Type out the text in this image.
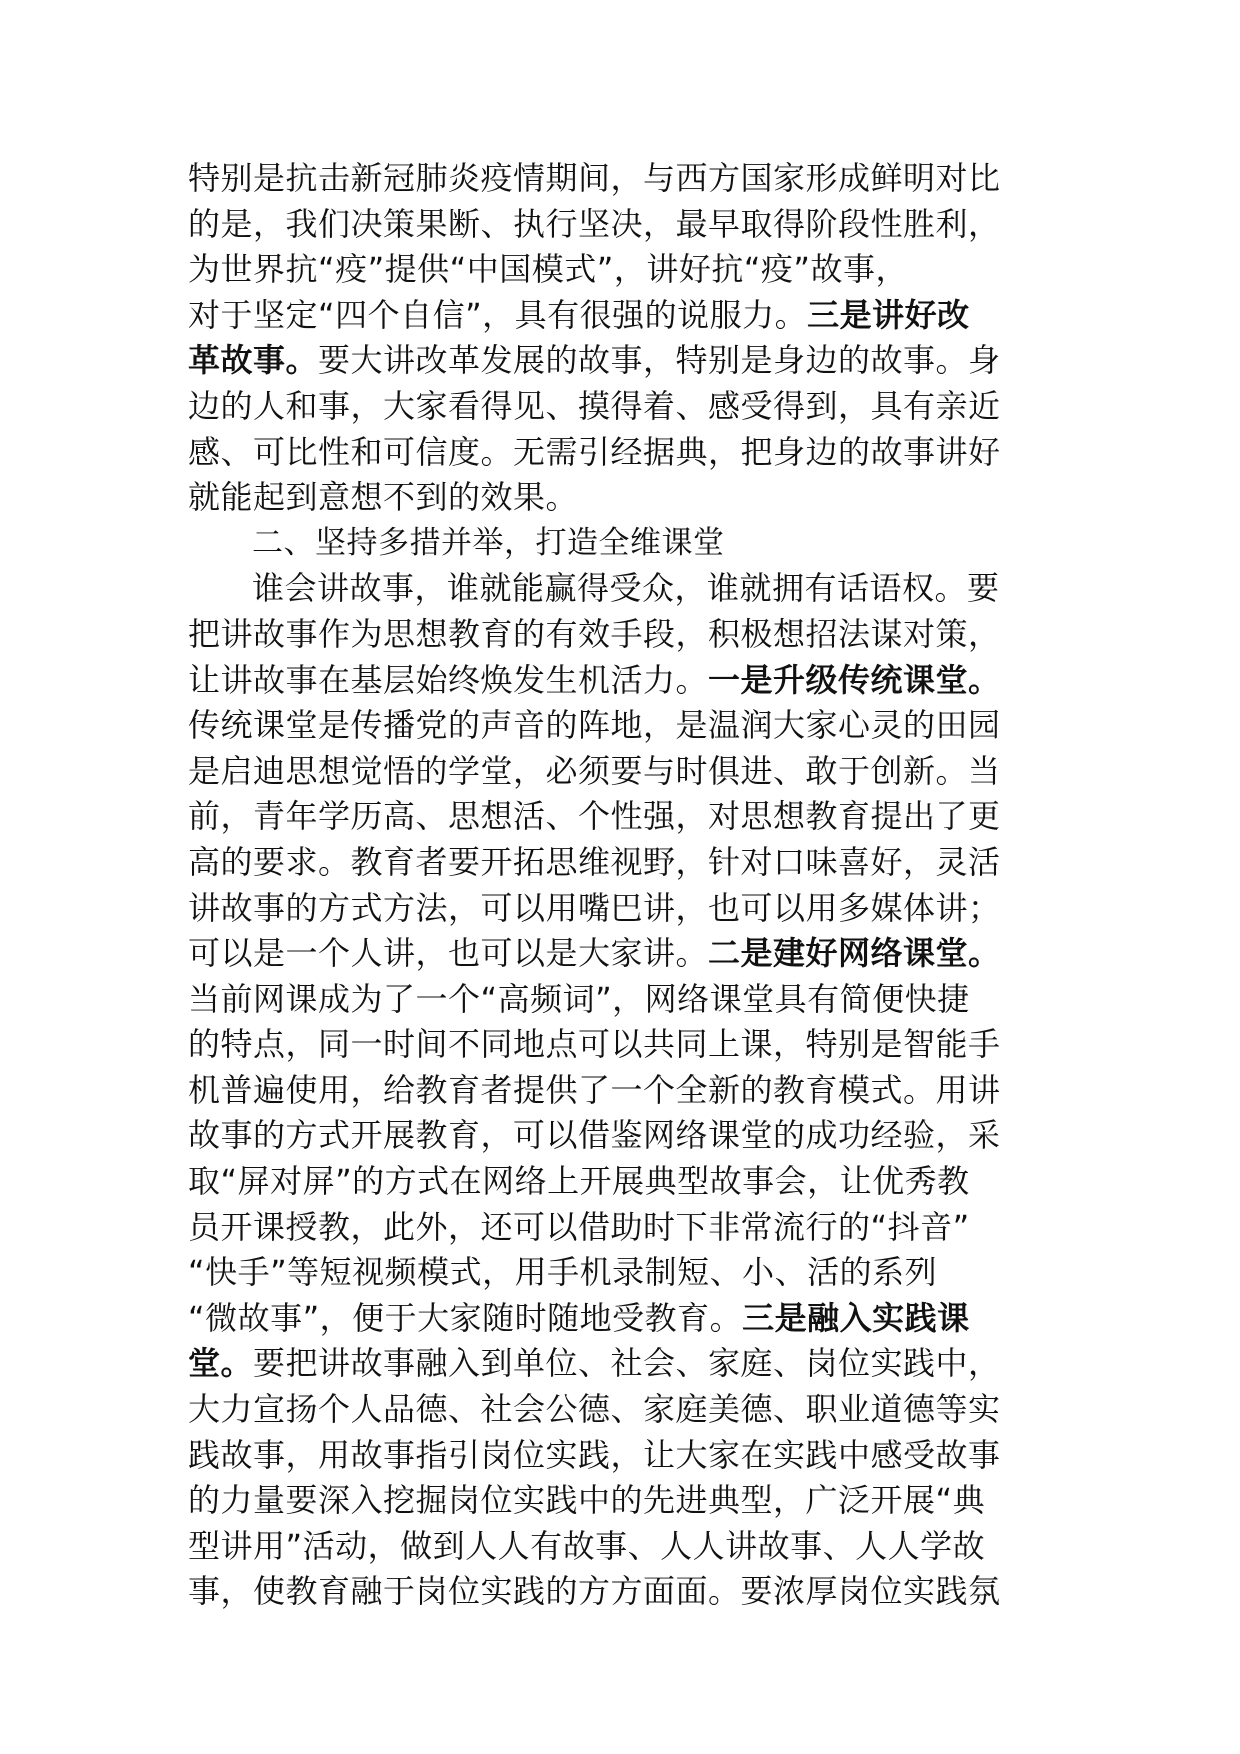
特别是抗击新冠肺炎疫情期间，与西方国家形成鲜明对比
的是，我们决策果断、执行坚决，最早取得阶段性胜利，
为世界抗“疫”提供“中国模式”，讲好抗“疫”故事，
对于坚定“四个自信”，具有很强的说服力。三是讲好改
革故事。要大讲改革发展的故事，特别是身边的故事。身
边的人和事，大家看得见、摸得着、感受得到，具有亲近
感、可比性和可信度。无需引经据典，把身边的故事讲好
就能起到意想不到的效果。
二、坚持多措并举，打造全维课堂
谁会讲故事，谁就能赢得受众，谁就拥有话语权。要
把讲故事作为思想教育的有效手段，积极想招法谋对策，
让讲故事在基层始终焕发生机活力。一是升级传统课堂。
传统课堂是传播党的声音的阵地，是温润大家心灵的田园
是启迪思想觉悟的学堂，必须要与时俱进、敢于创新。当
前，青年学历高、思想活、个性强，对思想教育提出了更
高的要求。教育者要开拓思维视野，针对口味喜好，灵活
讲故事的方式方法，可以用嘴巴讲，也可以用多媒体讲；
可以是一个人讲，也可以是大家讲。二是建好网络课堂。
当前网课成为了一个“高频词”，网络课堂具有简便快捷
的特点，同一时间不同地点可以共同上课，特别是智能手
机普遍使用，给教育者提供了一个全新的教育模式。用讲
故事的方式开展教育，可以借鉴网络课堂的成功经验，采
取“屏对屏”的方式在网络上开展典型故事会，让优秀教
员开课授教，此外，还可以借助时下非常流行的“抖音”
“快手”等短视频模式，用手机录制短、小、活的系列
“微故事”，便于大家随时随地受教育。三是融入实践课
堂。要把讲故事融入到单位、社会、家庭、岗位实践中，
大力宣扬个人品德、社会公德、家庭美德、职业道德等实
践故事，用故事指引岗位实践，让大家在实践中感受故事
的力量要深入挖掘岗位实践中的先进典型，广泛开展“典
型讲用”活动，做到人人有故事、人人讲故事、人人学故
事，使教育融于岗位实践的方方面面。要浓厚岗位实践氛
